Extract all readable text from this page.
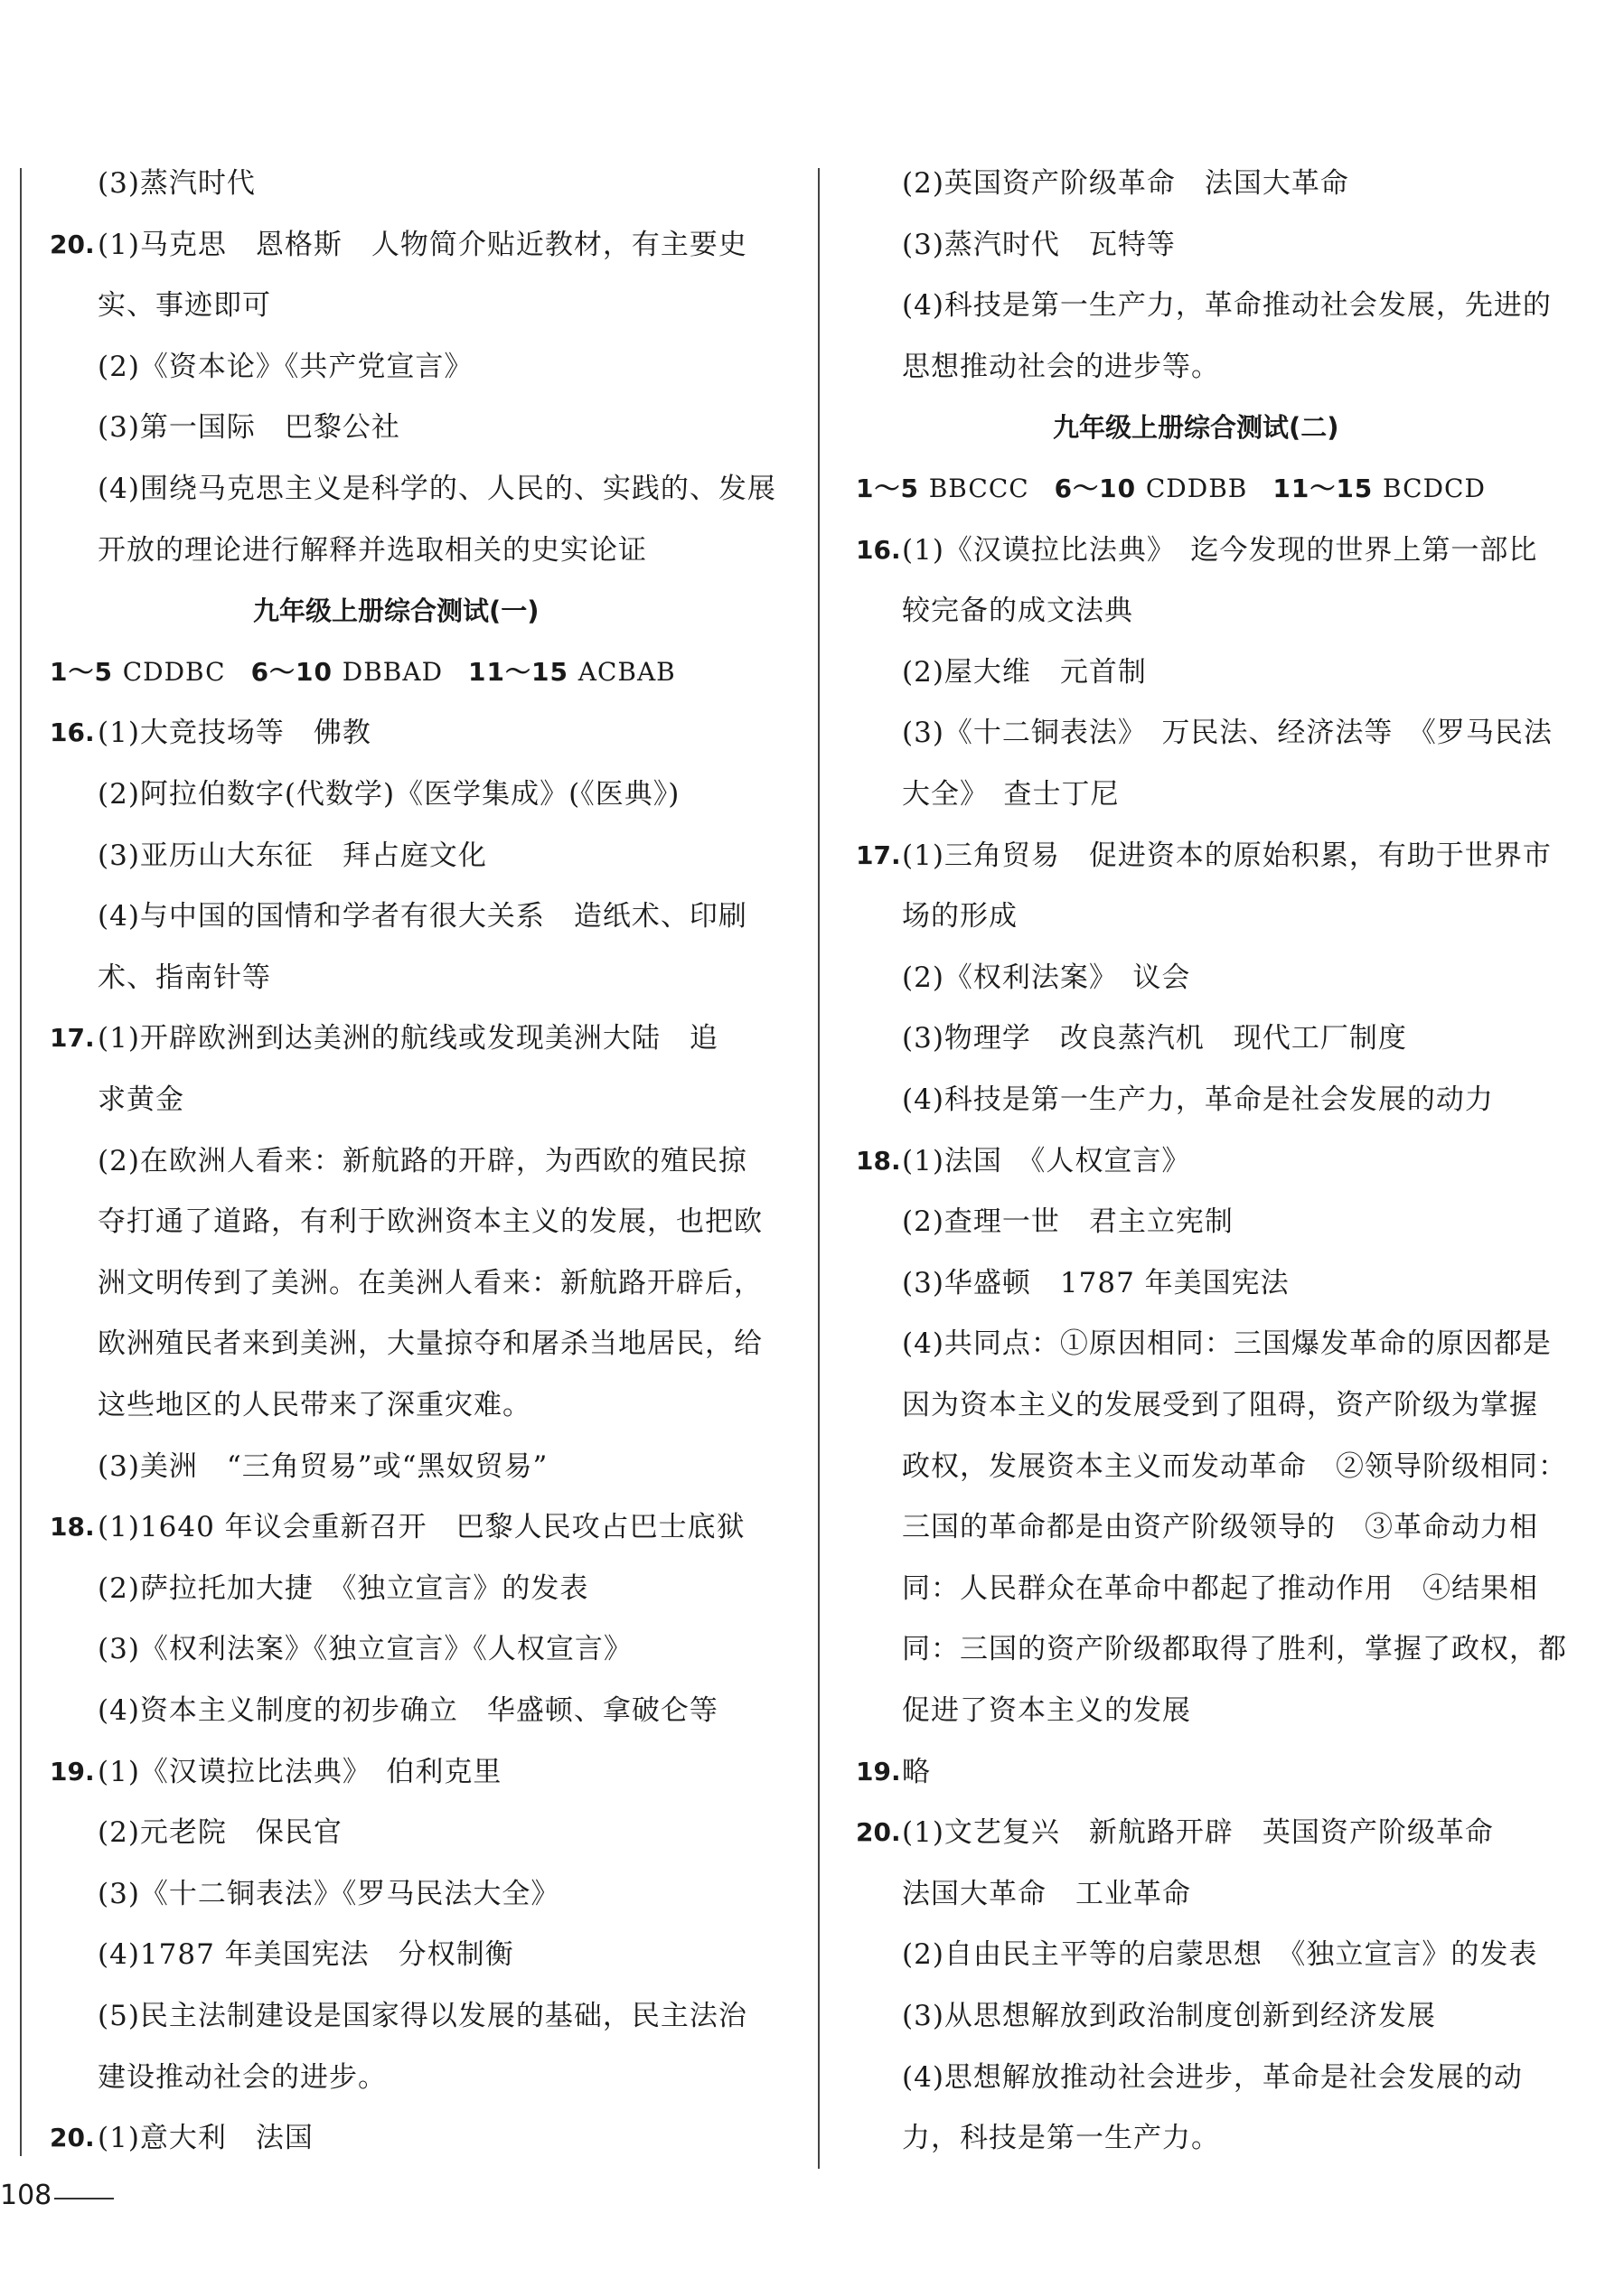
(3)蒸汽时代
20. (1)马克思　恩格斯　人物简介贴近教材，有主要史
实、事迹即可
(2)《资本论》《共产党宣言》
(3)第一国际　巴黎公社
(4)围绕马克思主义是科学的、人民的、实践的、发展
开放的理论进行解释并选取相关的史实论证
九年级上册综合测试(一)
1～5 CDDBC 6～10 DBBAD 11～15 ACBAB
16. (1)大竞技场等　佛教
(2)阿拉伯数字(代数学)《医学集成》(《医典》)
(3)亚历山大东征　拜占庭文化
(4)与中国的国情和学者有很大关系　造纸术、印刷
术、指南针等
17. (1)开辟欧洲到达美洲的航线或发现美洲大陆　追
求黄金
(2)在欧洲人看来：新航路的开辟，为西欧的殖民掠
夺打通了道路，有利于欧洲资本主义的发展，也把欧
洲文明传到了美洲。在美洲人看来：新航路开辟后，
欧洲殖民者来到美洲，大量掠夺和屠杀当地居民，给
这些地区的人民带来了深重灾难。
(3)美洲　“三角贸易”或“黑奴贸易”
18. (1)1640 年议会重新召开　巴黎人民攻占巴士底狱
(2)萨拉托加大捷　《独立宣言》的发表
(3)《权利法案》《独立宣言》《人权宣言》
(4)资本主义制度的初步确立　华盛顿、拿破仑等
19. (1)《汉谟拉比法典》　伯利克里
(2)元老院　保民官
(3)《十二铜表法》《罗马民法大全》
(4)1787 年美国宪法　分权制衡
(5)民主法制建设是国家得以发展的基础，民主法治
建设推动社会的进步。
20. (1)意大利　法国
(2)英国资产阶级革命　法国大革命
(3)蒸汽时代　瓦特等
(4)科技是第一生产力，革命推动社会发展，先进的
思想推动社会的进步等。
九年级上册综合测试(二)
1～5 BBCCC 6～10 CDDBB 11～15 BCDCD
16. (1)《汉谟拉比法典》　迄今发现的世界上第一部比
较完备的成文法典
(2)屋大维　元首制
(3)《十二铜表法》　万民法、经济法等　《罗马民法
大全》　查士丁尼
17. (1)三角贸易　促进资本的原始积累，有助于世界市
场的形成
(2)《权利法案》　议会
(3)物理学　改良蒸汽机　现代工厂制度
(4)科技是第一生产力，革命是社会发展的动力
18. (1)法国　《人权宣言》
(2)查理一世　君主立宪制
(3)华盛顿　1787 年美国宪法
(4)共同点：①原因相同：三国爆发革命的原因都是
因为资本主义的发展受到了阻碍，资产阶级为掌握
政权，发展资本主义而发动革命　②领导阶级相同：
三国的革命都是由资产阶级领导的　③革命动力相
同：人民群众在革命中都起了推动作用　④结果相
同：三国的资产阶级都取得了胜利，掌握了政权，都
促进了资本主义的发展
19. 略
20. (1)文艺复兴　新航路开辟　英国资产阶级革命
法国大革命　工业革命
(2)自由民主平等的启蒙思想　《独立宣言》的发表
(3)从思想解放到政治制度创新到经济发展
(4)思想解放推动社会进步，革命是社会发展的动
力，科技是第一生产力。
108
